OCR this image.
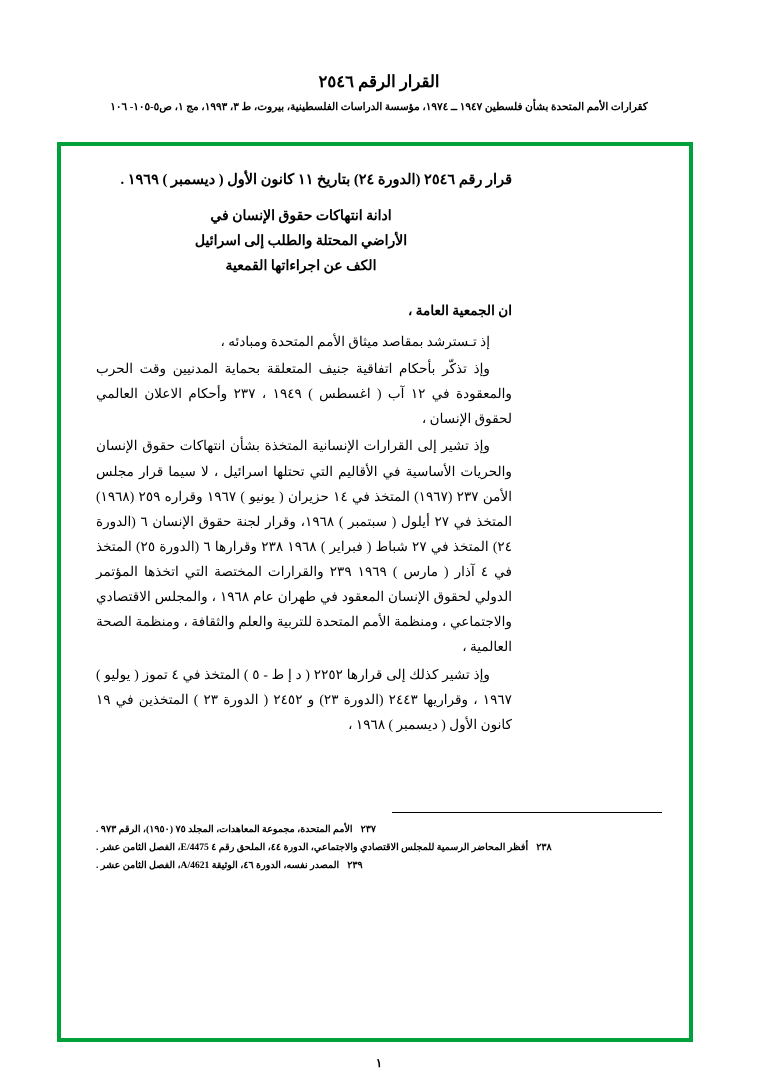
القرار الرقم ٢٥٤٦
كقرارات الأمم المتحدة بشأن فلسطين ١٩٤٧ ــ ١٩٧٤، مؤسسة الدراسات الفلسطينية، بيروت، ط ٣، ١٩٩٣، مج ١، ص٥-١٠٥- ١٠٦
قرار رقم ٢٥٤٦ (الدورة ٢٤) بتاريخ ١١ كانون الأول ( ديسمبر ) ١٩٦٩ .
ادانة انتهاكات حقوق الإنسان في
الأراضي المحتلة والطلب إلى اسرائيل
الكف عن اجراءاتها القمعية

ان الجمعية العامة ،

إذ تـسترشد بمقاصد ميثاق الأمم المتحدة ومبادئه ،

وإذ تذكّر بأحكام اتفاقية جنيف المتعلقة بحماية المدنيين وقت الحرب والمعقودة في ١٢ آب ( اغسطس ) ١٩٤٩ ، ٢٣٧ وأحكام الاعلان العالمي لحقوق الإنسان ،

وإذ تشير إلى القرارات الإنسانية المتخذة بشأن انتهاكات حقوق الإنسان والحريات الأساسية في الأقاليم التي تحتلها اسرائيل ، لا سيما قرار مجلس الأمن ٢٣٧ (١٩٦٧) المتخذ في ١٤ حزيران ( يونيو ) ١٩٦٧ وقراره ٢٥٩ (١٩٦٨) المتخذ في ٢٧ أيلول ( سبتمبر ) ١٩٦٨، وقرار لجنة حقوق الإنسان ٦ (الدورة ٢٤) المتخذ في ٢٧ شباط ( فبراير ) ١٩٦٨ ٢٣٨ وقرارها ٦ (الدورة ٢٥) المتخذ في ٤ آذار ( مارس ) ١٩٦٩ ٢٣٩ والقرارات المختصة التي اتخذها المؤتمر الدولي لحقوق الإنسان المعقود في طهران عام ١٩٦٨ ، والمجلس الاقتصادي والاجتماعي ، ومنظمة الأمم المتحدة للتربية والعلم والثقافة ، ومنظمة الصحة العالمية ،

وإذ تشير كذلك إلى قرارها ٢٢٥٢ ( د إ ط - ٥ ) المتخذ في ٤ تموز ( يوليو ) ١٩٦٧ ، وقراريها ٢٤٤٣ (الدورة ٢٣) و ٢٤٥٢ ( الدورة ٢٣ ) المتخذين في ١٩ كانون الأول ( ديسمبر ) ١٩٦٨ ،

٢٣٧الأمم المتحدة، مجموعة المعاهدات، المجلد ٧٥ (١٩٥٠)، الرقم ٩٧٣ .
٢٣٨أفظر المحاضر الرسمية للمجلس الاقتصادي والاجتماعي، الدورة ٤٤، الملحق رقم ٤ E/4475، الفصل الثامن عشر .
٢٣٩المصدر نفسه، الدورة ٤٦، الوثيقة A/4621، الفصل الثامن عشر .
١
